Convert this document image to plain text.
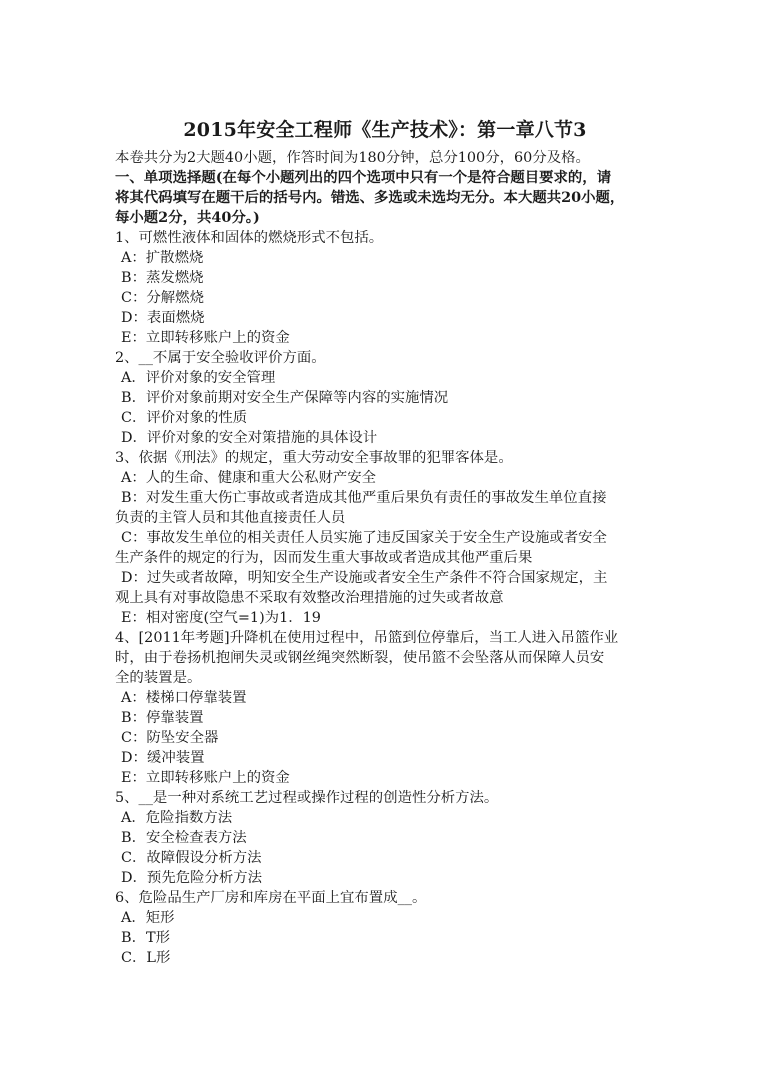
2015年安全工程师《生产技术》：第一章八节3
本卷共分为2大题40小题，作答时间为180分钟，总分100分，60分及格。
一、单项选择题(在每个小题列出的四个选项中只有一个是符合题目要求的，请
将其代码填写在题干后的括号内。错选、多选或未选均无分。本大题共20小题，
每小题2分，共40分。)
1、可燃性液体和固体的燃烧形式不包括。
A：扩散燃烧
B：蒸发燃烧
C：分解燃烧
D：表面燃烧
E：立即转移账户上的资金
2、__不属于安全验收评价方面。
A．评价对象的安全管理
B．评价对象前期对安全生产保障等内容的实施情况
C．评价对象的性质
D．评价对象的安全对策措施的具体设计
3、依据《刑法》的规定，重大劳动安全事故罪的犯罪客体是。
A：人的生命、健康和重大公私财产安全
B：对发生重大伤亡事故或者造成其他严重后果负有责任的事故发生单位直接
负责的主管人员和其他直接责任人员
C：事故发生单位的相关责任人员实施了违反国家关于安全生产设施或者安全
生产条件的规定的行为，因而发生重大事故或者造成其他严重后果
D：过失或者故障，明知安全生产设施或者安全生产条件不符合国家规定，主
观上具有对事故隐患不采取有效整改治理措施的过失或者故意
E：相对密度(空气=1)为1．19
4、[2011年考题]升降机在使用过程中，吊篮到位停靠后，当工人进入吊篮作业
时，由于卷扬机抱闸失灵或钢丝绳突然断裂，使吊篮不会坠落从而保障人员安
全的装置是。
A：楼梯口停靠装置
B：停靠装置
C：防坠安全器
D：缓冲装置
E：立即转移账户上的资金
5、__是一种对系统工艺过程或操作过程的创造性分析方法。
A．危险指数方法
B．安全检查表方法
C．故障假设分析方法
D．预先危险分析方法
6、危险品生产厂房和库房在平面上宜布置成__。
A．矩形
B．T形
C．L形
